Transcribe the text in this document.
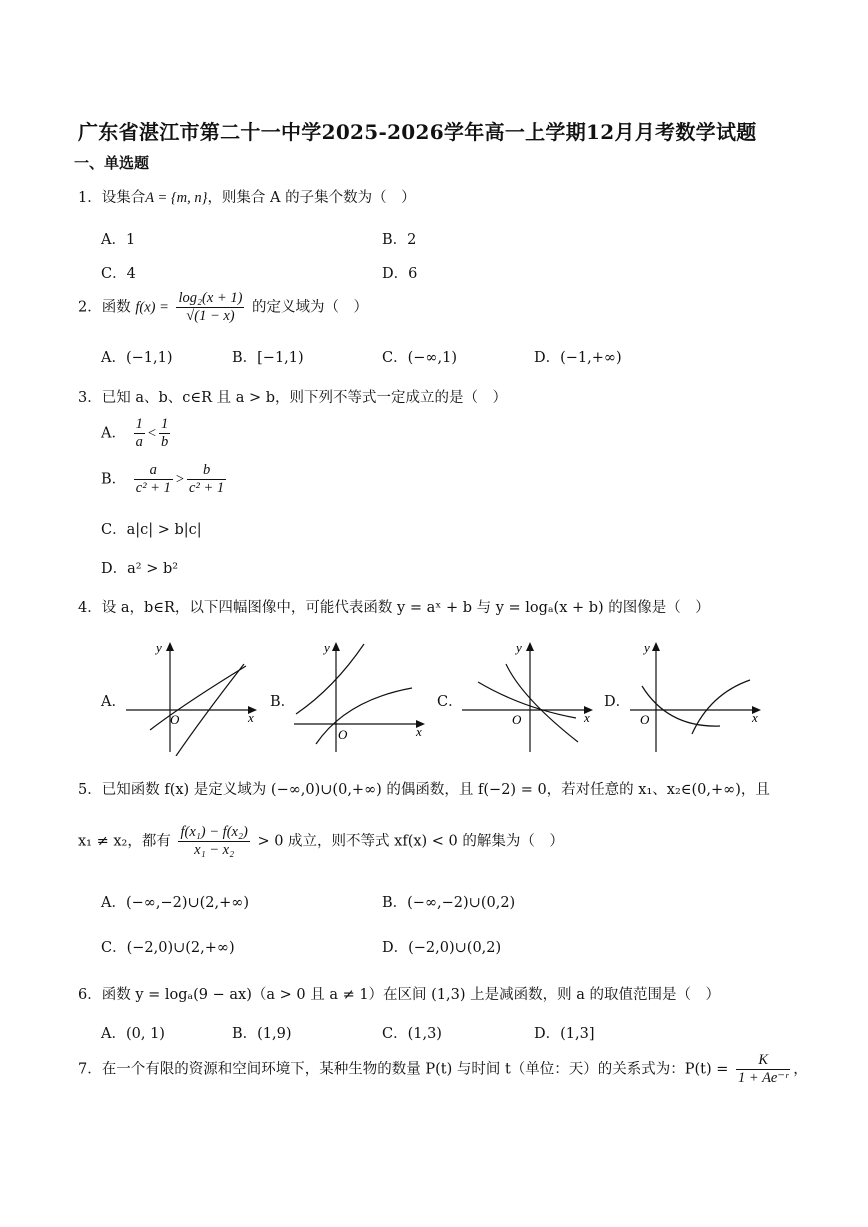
广东省湛江市第二十一中学2025-2026学年高一上学期12月月考数学试题
一、单选题
1．设集合A = {m, n}，则集合 A 的子集个数为（　）
A．1	B．2
C．4	D．6
2．函数 $f(x) = \frac{\text{log₂(x + 1)}}{√(1 - x)}$ 的定义域为（　）
A．(−1,1)	B．[−1,1)	C．(−∞,1)	D．(−1,+∞)
3．已知 a、b、c∈R 且 a > b，则下列不等式一定成立的是（　）
A． $\frac{1}{a} < \frac{1}{b}$
B． $\frac{a}{\text{c² + 1}} > \frac{b}{\text{c² + 1}}$
C．a|c| > b|c|
D．a² > b²
4．设 a，b∈R，以下四幅图像中，可能代表函数 y = aˣ + b 与 y = logₐ(x + b) 的图像是（　）
A．
y
x
O
B．
y
x
O
C．
y
x
O
D．
y
x
O
5．已知函数 f(x) 是定义域为 (−∞,0)∪(0,+∞) 的偶函数，且 f(−2) = 0，若对任意的 x₁、x₂∈(0,+∞)，且
x₁ ≠ x₂，都有 $\frac{\text{f(x₁) − f(x₂)}}{\text{x₁ − x₂}} > 0$ 成立，则不等式 xf(x) < 0 的解集为（　）
A．(−∞,−2)∪(2,+∞)	B．(−∞,−2)∪(0,2)
C．(−2,0)∪(2,+∞)	D．(−2,0)∪(0,2)
6．函数 y = logₐ(9 − ax)（a > 0 且 a ≠ 1）在区间 (1,3) 上是减函数，则 a 的取值范围是（　）
A．(0, 1)	B．(1,9)	C．(1,3)	D．(1,3]
7．在一个有限的资源和空间环境下，某种生物的数量 P(t) 与时间 t（单位：天）的关系式为：$P(t) = \frac{K}{\text{1 + Ae⁻ʳ}}$ ，
